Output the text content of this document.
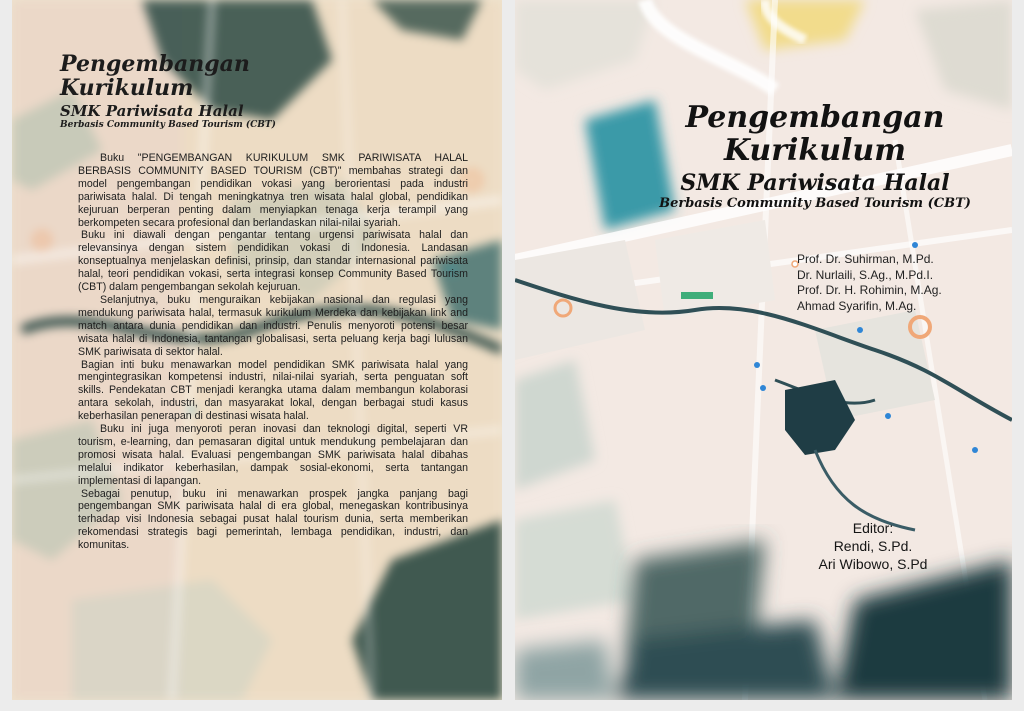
Pengembangan
Kurikulum
SMK Pariwisata Halal
Berbasis Community Based Tourism (CBT)

Buku "PENGEMBANGAN KURIKULUM SMK PARIWISATA HALAL BERBASIS COMMUNITY BASED TOURISM (CBT)" membahas strategi dan model pengembangan pendidikan vokasi yang berorientasi pada industri pariwisata halal. Di tengah meningkatnya tren wisata halal global, pendidikan kejuruan berperan penting dalam menyiapkan tenaga kerja terampil yang berkompeten secara profesional dan berlandaskan nilai-nilai syariah.

Buku ini diawali dengan pengantar tentang urgensi pariwisata halal dan relevansinya dengan sistem pendidikan vokasi di Indonesia. Landasan konseptualnya menjelaskan definisi, prinsip, dan standar internasional pariwisata halal, teori pendidikan vokasi, serta integrasi konsep Community Based Tourism (CBT) dalam pengembangan sekolah kejuruan.

Selanjutnya, buku menguraikan kebijakan nasional dan regulasi yang mendukung pariwisata halal, termasuk kurikulum Merdeka dan kebijakan link and match antara dunia pendidikan dan industri. Penulis menyoroti potensi besar wisata halal di Indonesia, tantangan globalisasi, serta peluang kerja bagi lulusan SMK pariwisata di sektor halal.

Bagian inti buku menawarkan model pendidikan SMK pariwisata halal yang mengintegrasikan kompetensi industri, nilai-nilai syariah, serta penguatan soft skills. Pendekatan CBT menjadi kerangka utama dalam membangun kolaborasi antara sekolah, industri, dan masyarakat lokal, dengan berbagai studi kasus keberhasilan penerapan di destinasi wisata halal.

Buku ini juga menyoroti peran inovasi dan teknologi digital, seperti VR tourism, e-learning, dan pemasaran digital untuk mendukung pembelajaran dan promosi wisata halal. Evaluasi pengembangan SMK pariwisata halal dibahas melalui indikator keberhasilan, dampak sosial-ekonomi, serta tantangan implementasi di lapangan.

Sebagai penutup, buku ini menawarkan prospek jangka panjang bagi pengembangan SMK pariwisata halal di era global, menegaskan kontribusinya terhadap visi Indonesia sebagai pusat halal tourism dunia, serta memberikan rekomendasi strategis bagi pemerintah, lembaga pendidikan, industri, dan komunitas.

Pengembangan
Kurikulum
SMK Pariwisata Halal
Berbasis Community Based Tourism (CBT)
Prof. Dr. Suhirman, M.Pd.
Dr. Nurlaili, S.Ag., M.Pd.I.
Prof. Dr. H. Rohimin, M.Ag.
Ahmad Syarifin, M.Ag.
Editor:
Rendi, S.Pd.
Ari Wibowo, S.Pd
